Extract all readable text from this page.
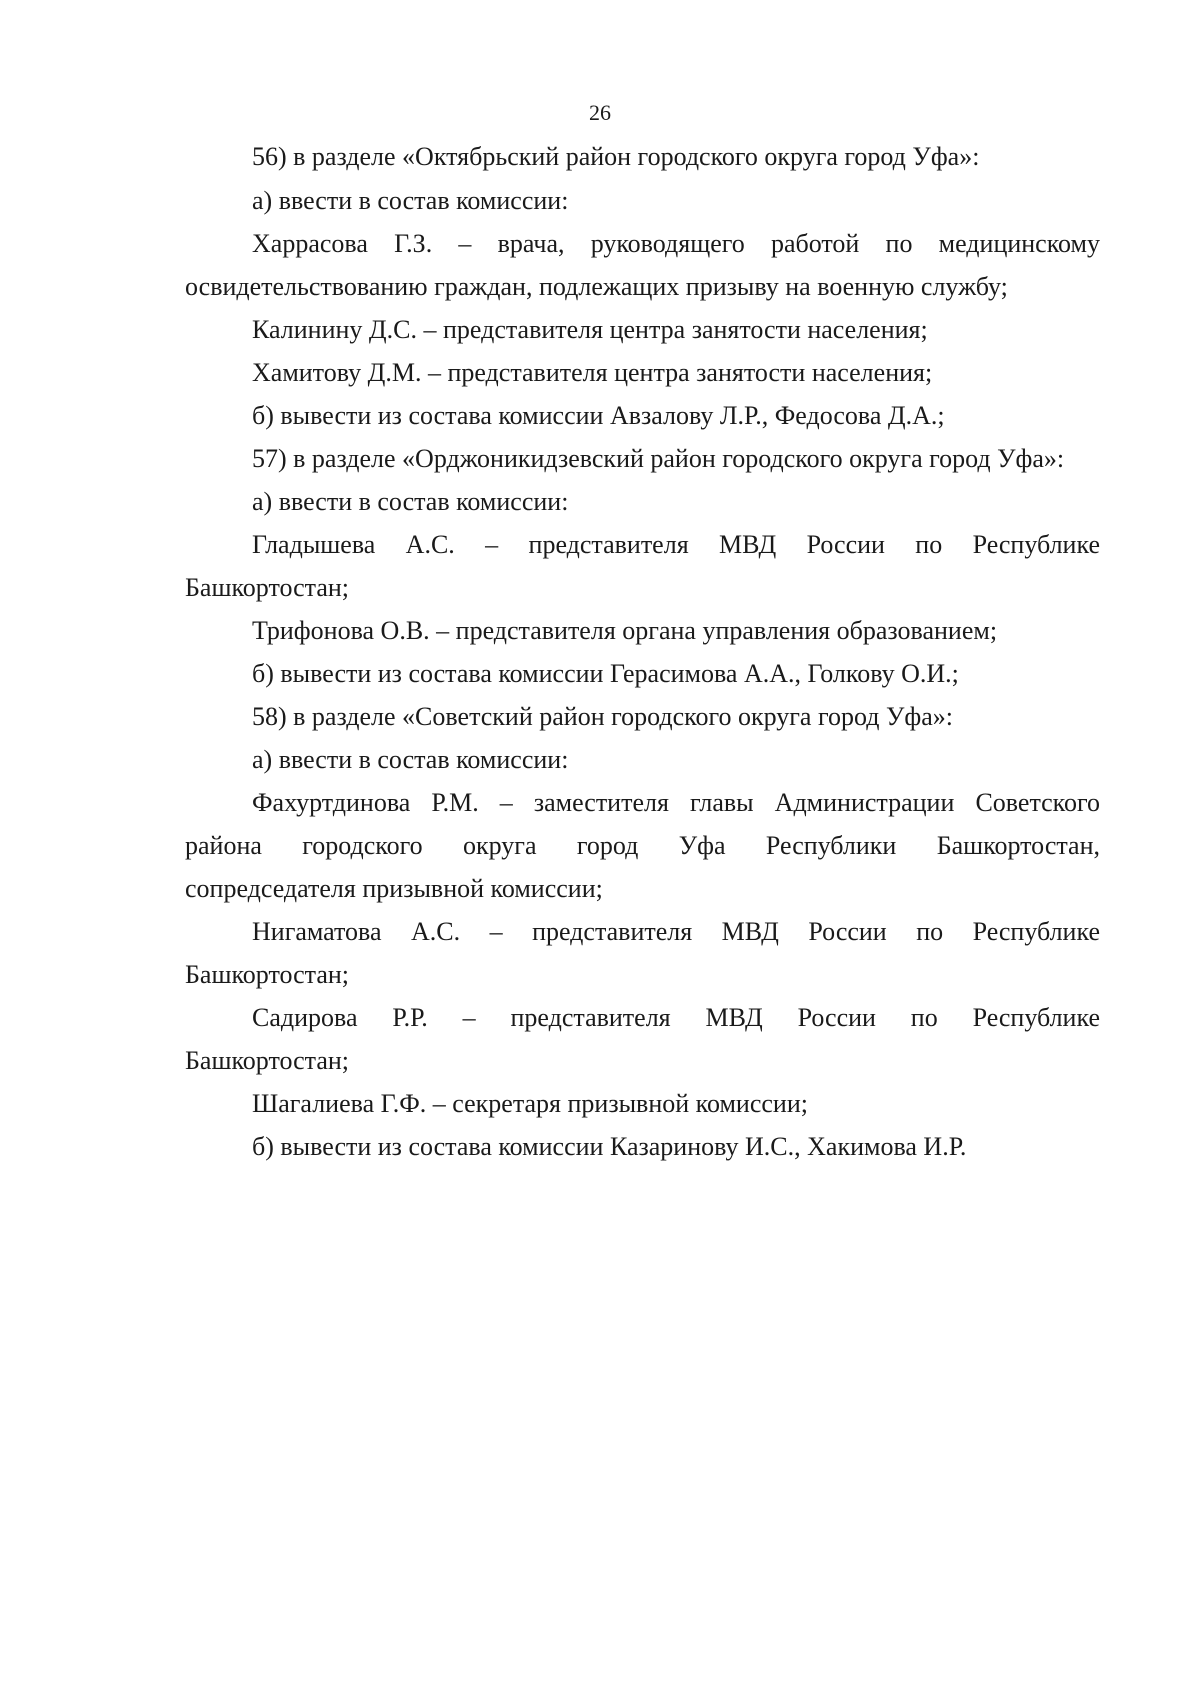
26
56) в разделе «Октябрьский район городского округа город Уфа»:
а) ввести в состав комиссии:
Харрасова Г.З. – врача, руководящего работой по медицинскому
освидетельствованию граждан, подлежащих призыву на военную службу;
Калинину Д.С. – представителя центра занятости населения;
Хамитову Д.М. – представителя центра занятости населения;
б) вывести из состава комиссии Авзалову Л.Р., Федосова Д.А.;
57) в разделе «Орджоникидзевский район городского округа город Уфа»:
а) ввести в состав комиссии:
Гладышева А.С. – представителя МВД России по Республике
Башкортостан;
Трифонова О.В. – представителя органа управления образованием;
б) вывести из состава комиссии Герасимова А.А., Голкову О.И.;
58) в разделе «Советский район городского округа город Уфа»:
а) ввести в состав комиссии:
Фахуртдинова Р.М. – заместителя главы Администрации Советского
района городского округа город Уфа Республики Башкортостан,
сопредседателя призывной комиссии;
Нигаматова А.С. – представителя МВД России по Республике
Башкортостан;
Садирова Р.Р. – представителя МВД России по Республике
Башкортостан;
Шагалиева Г.Ф. – секретаря призывной комиссии;
б) вывести из состава комиссии Казаринову И.С., Хакимова И.Р.
